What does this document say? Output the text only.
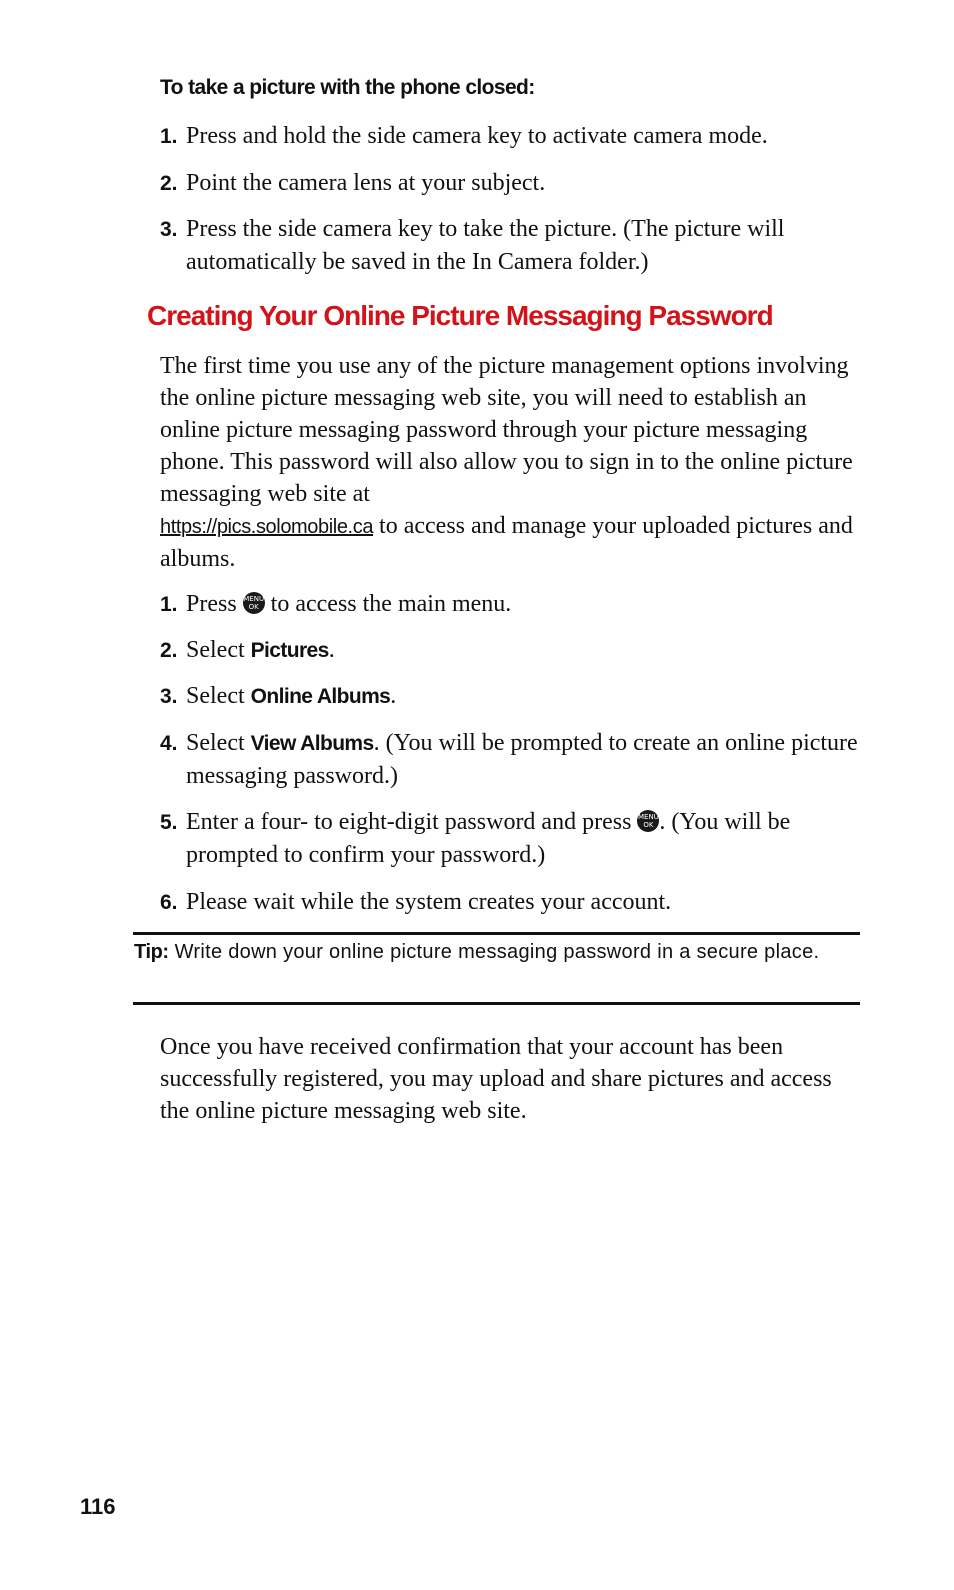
To take a picture with the phone closed:
1. Press and hold the side camera key to activate camera mode.
2. Point the camera lens at your subject.
3. Press the side camera key to take the picture. (The picture will automatically be saved in the In Camera folder.)
Creating Your Online Picture Messaging Password
The first time you use any of the picture management options involving the online picture messaging web site, you will need to establish an online picture messaging password through your picture messaging phone. This password will also allow you to sign in to the online picture messaging web site at
https://pics.solomobile.ca to access and manage your uploaded pictures and albums.
1. Press MENU OK to access the main menu.
2. Select Pictures.
3. Select Online Albums.
4. Select View Albums. (You will be prompted to create an online picture messaging password.)
5. Enter a four- to eight-digit password and press MENU OK . (You will be prompted to confirm your password.)
6. Please wait while the system creates your account.
Tip: Write down your online picture messaging password in a secure place.
Once you have received confirmation that your account has been successfully registered, you may upload and share pictures and access the online picture messaging web site.
116
